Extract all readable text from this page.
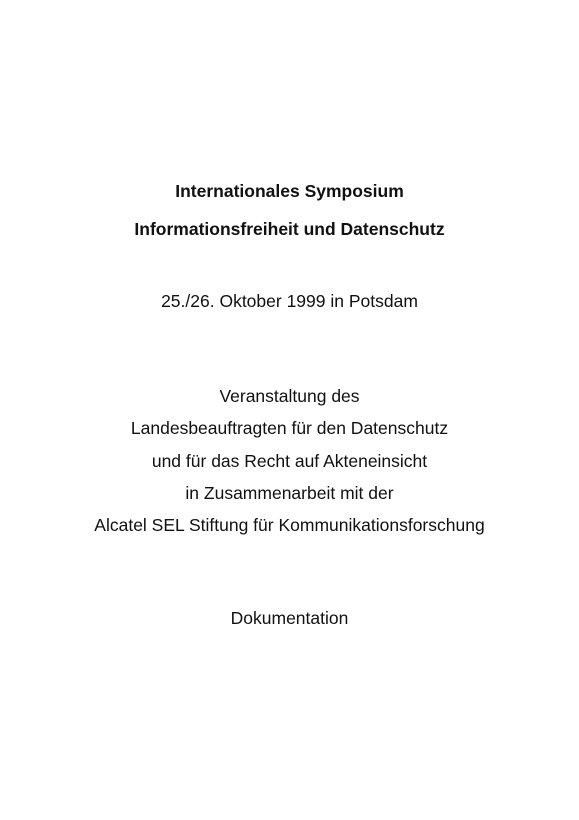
Internationales Symposium
Informationsfreiheit und Datenschutz
25./26. Oktober 1999 in Potsdam
Veranstaltung des
Landesbeauftragten für den Datenschutz
und für das Recht auf Akteneinsicht
in Zusammenarbeit mit der
Alcatel SEL Stiftung für Kommunikationsforschung
Dokumentation
